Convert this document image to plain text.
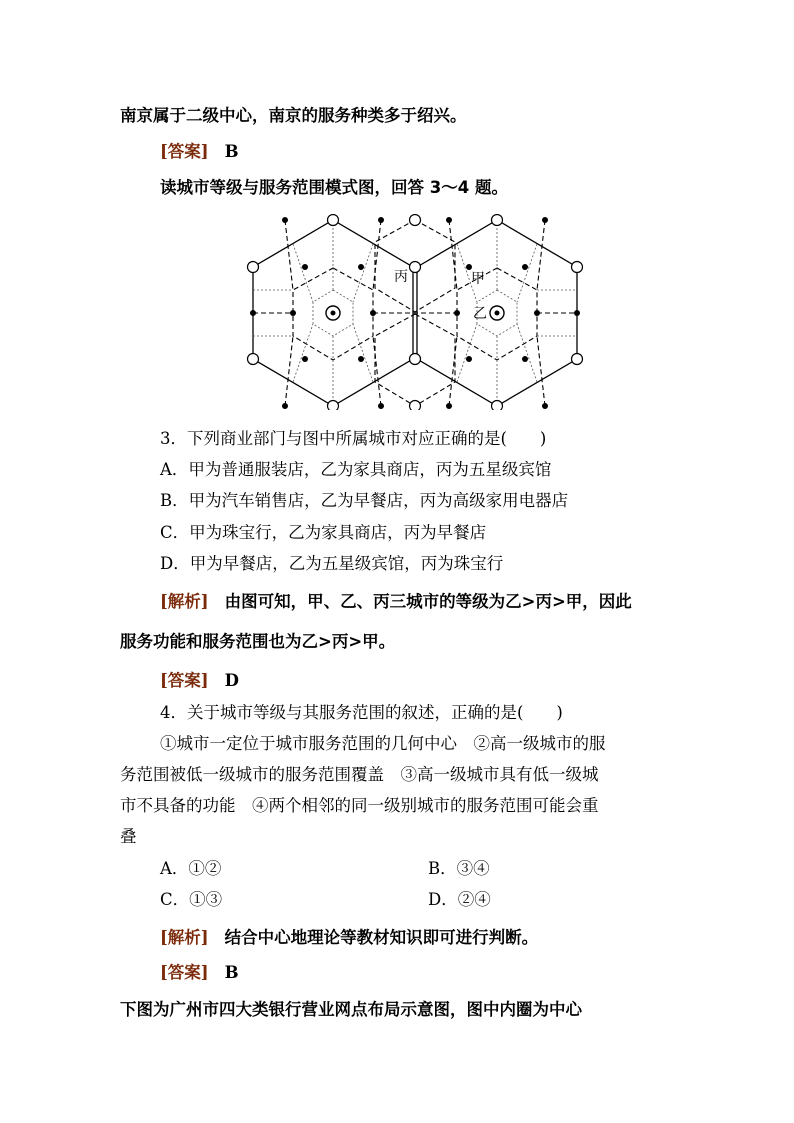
南京属于二级中心，南京的服务种类多于绍兴。
[答案] B
读城市等级与服务范围模式图，回答 3～4 题。
丙	甲
乙
3．下列商业部门与图中所属城市对应正确的是(　　)
A．甲为普通服装店，乙为家具商店，丙为五星级宾馆
B．甲为汽车销售店，乙为早餐店，丙为高级家用电器店
C．甲为珠宝行，乙为家具商店，丙为早餐店
D．甲为早餐店，乙为五星级宾馆，丙为珠宝行
[解析] 由图可知，甲、乙、丙三城市的等级为乙>丙>甲，因此
服务功能和服务范围也为乙>丙>甲。
[答案] D
4．关于城市等级与其服务范围的叙述，正确的是(　　)
①城市一定位于城市服务范围的几何中心　②高一级城市的服
务范围被低一级城市的服务范围覆盖　③高一级城市具有低一级城
市不具备的功能　④两个相邻的同一级别城市的服务范围可能会重
叠
A．①②	B．③④
C．①③	D．②④
[解析] 结合中心地理论等教材知识即可进行判断。
[答案] B
下图为广州市四大类银行营业网点布局示意图，图中内圈为中心
